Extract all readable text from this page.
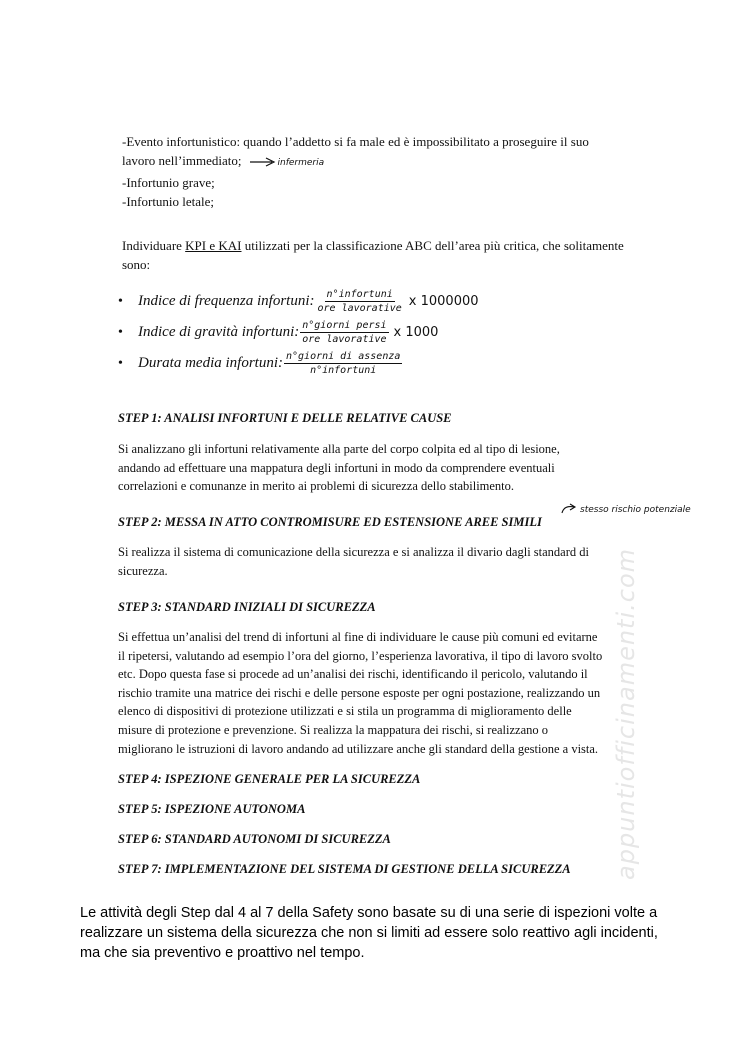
-Evento infortunistico: quando l’addetto si fa male ed è impossibilitato a proseguire il suo
lavoro nell’immediato;	infermeria
-Infortunio grave;
-Infortunio letale;
Individuare KPI e KAI utilizzati per la classificazione ABC dell’area più critica, che solitamente
sono:
• Indice di frequenza infortuni: $\frac{\text{n°infortuni}}{\text{ore lavorative}}$ x 1000000
• Indice di gravità infortuni: $\frac{\text{n°giorni persi}}{\text{ore lavorative}}$ x 1000
• Durata media infortuni: $\frac{\text{n°giorni di assenza}}{\text{n°infortuni}}$
STEP 1: ANALISI INFORTUNI E DELLE RELATIVE CAUSE
Si analizzano gli infortuni relativamente alla parte del corpo colpita ed al tipo di lesione,
andando ad effettuare una mappatura degli infortuni in modo da comprendere eventuali
correlazioni e comunanze in merito ai problemi di sicurezza dello stabilimento.
stesso rischio potenziale
STEP 2: MESSA IN ATTO CONTROMISURE ED ESTENSIONE AREE SIMILI
Si realizza il sistema di comunicazione della sicurezza e si analizza il divario dagli standard di
sicurezza.
STEP 3: STANDARD INIZIALI DI SICUREZZA
Si effettua un’analisi del trend di infortuni al fine di individuare le cause più comuni ed evitarne
il ripetersi, valutando ad esempio l’ora del giorno, l’esperienza lavorativa, il tipo di lavoro svolto
etc. Dopo questa fase si procede ad un’analisi dei rischi, identificando il pericolo, valutando il
rischio tramite una matrice dei rischi e delle persone esposte per ogni postazione, realizzando un
elenco di dispositivi di protezione utilizzati e si stila un programma di miglioramento delle
misure di protezione e prevenzione. Si realizza la mappatura dei rischi, si realizzano o
migliorano le istruzioni di lavoro andando ad utilizzare anche gli standard della gestione a vista.
STEP 4: ISPEZIONE GENERALE PER LA SICUREZZA
STEP 5: ISPEZIONE AUTONOMA
STEP 6: STANDARD AUTONOMI DI SICUREZZA
STEP 7: IMPLEMENTAZIONE DEL SISTEMA DI GESTIONE DELLA SICUREZZA appuntiofficinamenti.com
Le attività degli Step dal 4 al 7 della Safety sono basate su di una serie di ispezioni volte a
realizzare un sistema della sicurezza che non si limiti ad essere solo reattivo agli incidenti,
ma che sia preventivo e proattivo nel tempo.
